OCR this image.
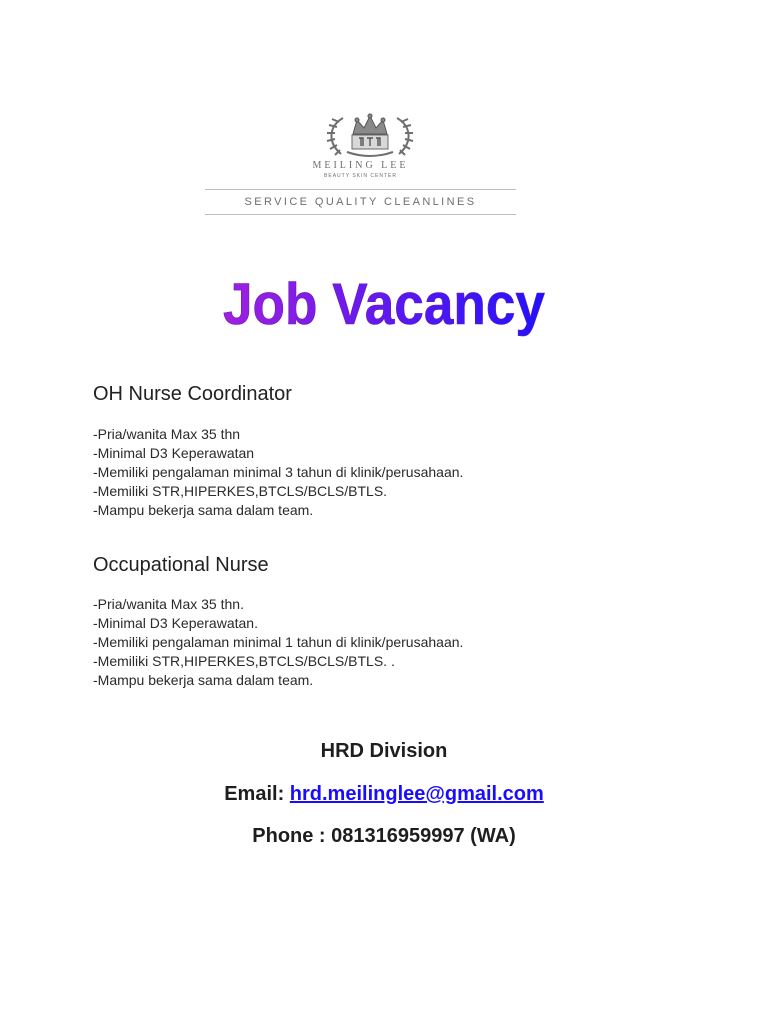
MEILING LEE
BEAUTY SKIN CENTER
SERVICE QUALITY CLEANLINES
Job Vacancy
OH Nurse Coordinator
-Pria/wanita Max 35 thn
-Minimal D3 Keperawatan
-Memiliki pengalaman minimal 3 tahun di klinik/perusahaan.
-Memiliki STR,HIPERKES,BTCLS/BCLS/BTLS.
-Mampu bekerja sama dalam team.
Occupational Nurse
-Pria/wanita Max 35 thn.
-Minimal D3 Keperawatan.
-Memiliki pengalaman minimal 1 tahun di klinik/perusahaan.
-Memiliki STR,HIPERKES,BTCLS/BCLS/BTLS. .
-Mampu bekerja sama dalam team.
HRD Division
Email: hrd.meilinglee@gmail.com
Phone : 081316959997 (WA)
